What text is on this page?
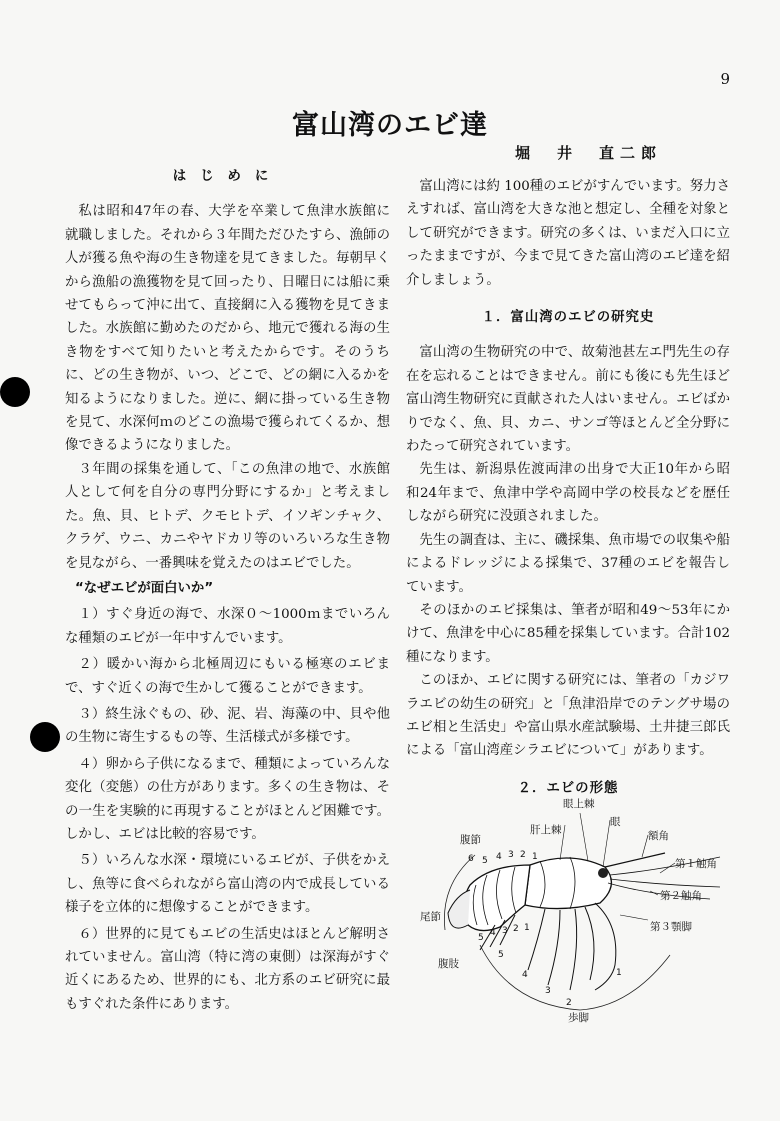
9
富山湾のエビ達
堀　井　直二郎
はじめに

私は昭和47年の春、大学を卒業して魚津水族館に就職しました。それから３年間ただひたすら、漁師の人が獲る魚や海の生き物達を見てきました。毎朝早くから漁船の漁獲物を見て回ったり、日曜日には船に乗せてもらって沖に出て、直接網に入る獲物を見てきました。水族館に勤めたのだから、地元で獲れる海の生き物をすべて知りたいと考えたからです。そのうちに、どの生き物が、いつ、どこで、どの網に入るかを知るようになりました。逆に、網に掛っている生き物を見て、水深何ｍのどこの漁場で獲られてくるか、想像できるようになりました。

３年間の採集を通して、「この魚津の地で、水族館人として何を自分の専門分野にするか」と考えました。魚、貝、ヒトデ、クモヒトデ、イソギンチャク、クラゲ、ウニ、カニやヤドカリ等のいろいろな生き物を見ながら、一番興味を覚えたのはエビでした。

“なぜエビが面白いか”

１）すぐ身近の海で、水深０～1000ｍまでいろんな種類のエビが一年中すんでいます。

２）暖かい海から北極周辺にもいる極寒のエビまで、すぐ近くの海で生かして獲ることができます。

３）終生泳ぐもの、砂、泥、岩、海藻の中、貝や他の生物に寄生するもの等、生活様式が多様です。

４）卵から子供になるまで、種類によっていろんな変化（変態）の仕方があります。多くの生き物は、その一生を実験的に再現することがほとんど困難です。しかし、エビは比較的容易です。

５）いろんな水深・環境にいるエビが、子供をかえし、魚等に食べられながら富山湾の内で成長している様子を立体的に想像することができます。

６）世界的に見てもエビの生活史はほとんど解明されていません。富山湾（特に湾の東側）は深海がすぐ近くにあるため、世界的にも、北方系のエビ研究に最もすぐれた条件にあります。

富山湾には約 100種のエビがすんでいます。努力さえすれば、富山湾を大きな池と想定し、全種を対象として研究ができます。研究の多くは、いまだ入口に立ったままですが、今まで見てきた富山湾のエビ達を紹介しましょう。

１．富山湾のエビの研究史

富山湾の生物研究の中で、故菊池甚左エ門先生の存在を忘れることはできません。前にも後にも先生ほど富山湾生物研究に貢献された人はいません。エビばかりでなく、魚、貝、カニ、サンゴ等ほとんど全分野にわたって研究されています。

先生は、新潟県佐渡両津の出身で大正10年から昭和24年まで、魚津中学や高岡中学の校長などを歴任しながら研究に没頭されました。

先生の調査は、主に、磯採集、魚市場での収集や船によるドレッジによる採集で、37種のエビを報告しています。

そのほかのエビ採集は、筆者が昭和49～53年にかけて、魚津を中心に85種を採集しています。合計102種になります。

このほか、エビに関する研究には、筆者の「カジワラエビの幼生の研究」と「魚津沿岸でのテングサ場のエビ相と生活史」や富山県水産試験場、土井捷三郎氏による「富山湾産シラエビについて」があります。

２．エビの形態
眼上棘
眼
肝上棘
腹節	額角
第１触角
第２触角
第３顎脚
尾節
腹肢
歩脚
6 5 4 3 2 1
5 4 3 2 1
5
4
3
2
1
